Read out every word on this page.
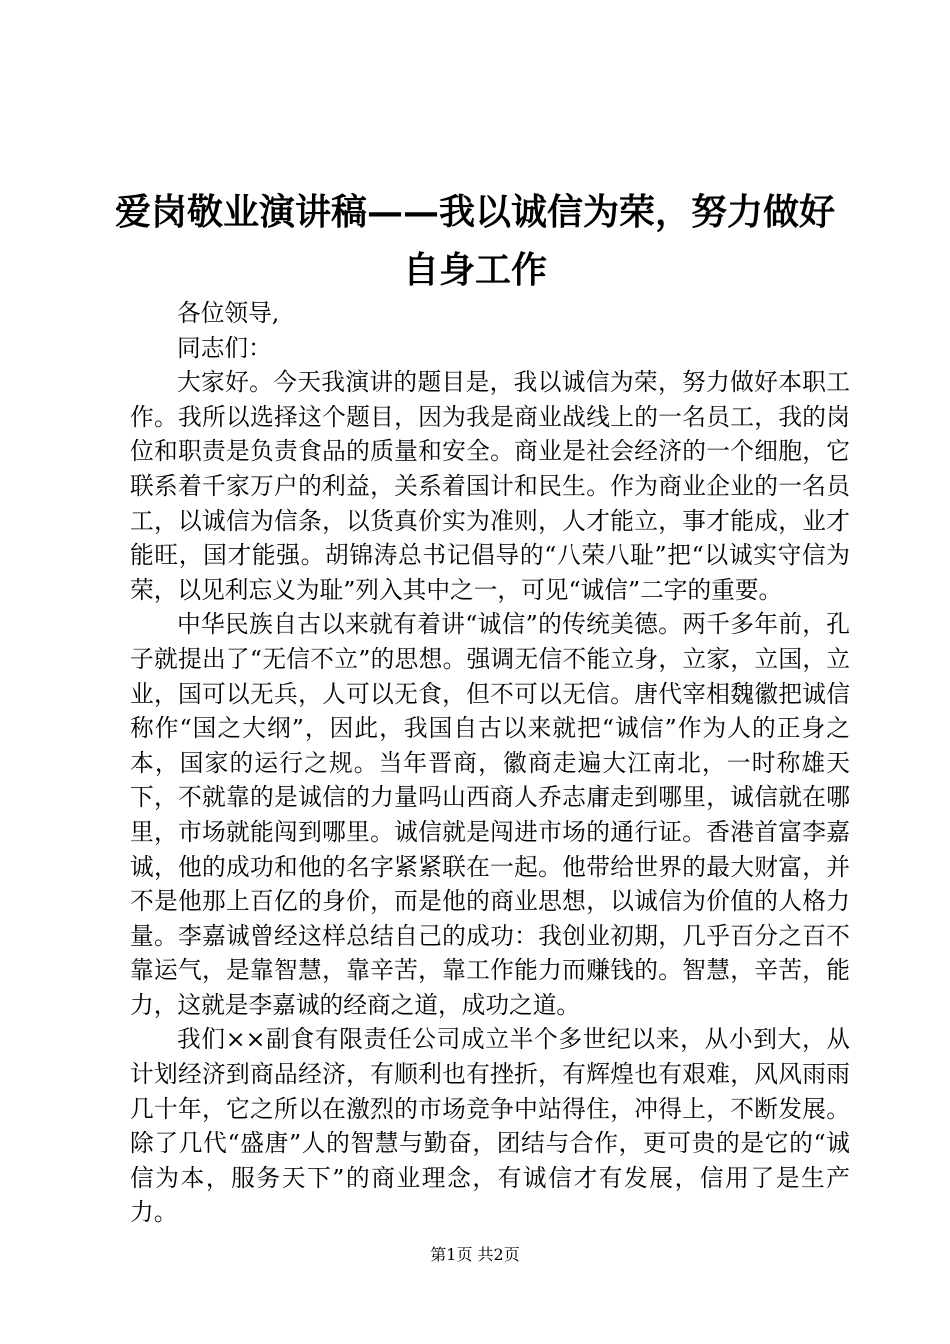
爱岗敬业演讲稿——我以诚信为荣，努力做好
自身工作

各位领导,

同志们：

大家好。今天我演讲的题目是，我以诚信为荣，努力做好本职工作。我所以选择这个题目，因为我是商业战线上的一名员工，我的岗位和职责是负责食品的质量和安全。商业是社会经济的一个细胞，它联系着千家万户的利益，关系着国计和民生。作为商业企业的一名员工，以诚信为信条，以货真价实为准则，人才能立，事才能成，业才能旺，国才能强。胡锦涛总书记倡导的“八荣八耻”把“以诚实守信为荣，以见利忘义为耻”列入其中之一，可见“诚信”二字的重要。

中华民族自古以来就有着讲“诚信”的传统美德。两千多年前，孔子就提出了“无信不立”的思想。强调无信不能立身，立家，立国，立业，国可以无兵，人可以无食，但不可以无信。唐代宰相魏徽把诚信称作“国之大纲”，因此，我国自古以来就把“诚信”作为人的正身之本，国家的运行之规。当年晋商，徽商走遍大江南北，一时称雄天下，不就靠的是诚信的力量吗山西商人乔志庸走到哪里，诚信就在哪里，市场就能闯到哪里。诚信就是闯进市场的通行证。香港首富李嘉诚，他的成功和他的名字紧紧联在一起。他带给世界的最大财富，并不是他那上百亿的身价，而是他的商业思想，以诚信为价值的人格力量。李嘉诚曾经这样总结自己的成功：我创业初期，几乎百分之百不靠运气，是靠智慧，靠辛苦，靠工作能力而赚钱的。智慧，辛苦，能力，这就是李嘉诚的经商之道，成功之道。

我们××副食有限责任公司成立半个多世纪以来，从小到大，从计划经济到商品经济，有顺利也有挫折，有辉煌也有艰难，风风雨雨几十年，它之所以在激烈的市场竞争中站得住，冲得上，不断发展。除了几代“盛唐”人的智慧与勤奋，团结与合作，更可贵的是它的“诚信为本，服务天下”的商业理念，有诚信才有发展，信用了是生产力。

第1页 共2页
